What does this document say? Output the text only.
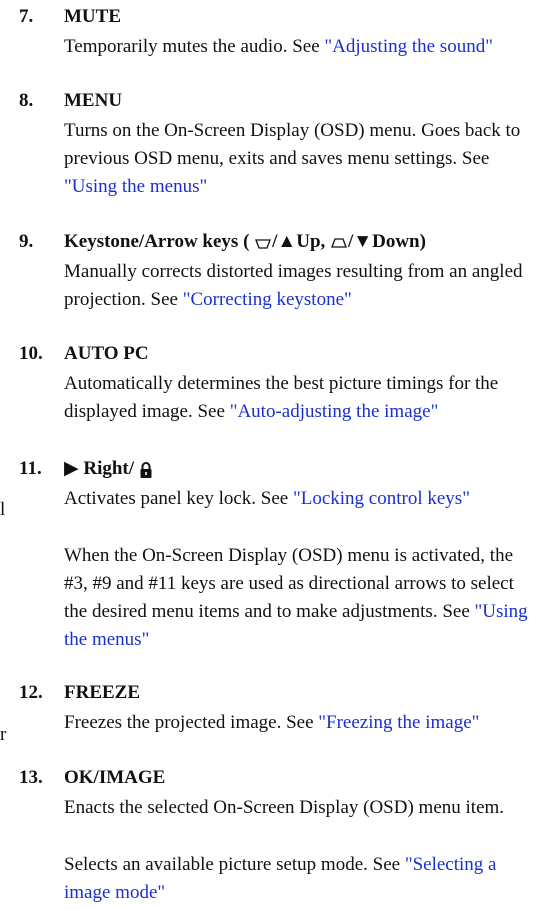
7. MUTE
Temporarily mutes the audio. See "Adjusting the sound"
8. MENU
Turns on the On-Screen Display (OSD) menu. Goes back to previous OSD menu, exits and saves menu settings. See "Using the menus"
9. Keystone/Arrow keys ( /▲Up, /▼Down)
Manually corrects distorted images resulting from an angled projection. See "Correcting keystone"
10. AUTO PC
Automatically determines the best picture timings for the displayed image. See "Auto-adjusting the image"
11. ▶ Right/
Activates panel key lock. See "Locking control keys"
When the On-Screen Display (OSD) menu is activated, the #3, #9 and #11 keys are used as directional arrows to select the desired menu items and to make adjustments. See "Using the menus"
12. FREEZE
Freezes the projected image. See "Freezing the image"
13. OK/IMAGE
Enacts the selected On-Screen Display (OSD) menu item.
Selects an available picture setup mode. See "Selecting a image mode"
l
r
